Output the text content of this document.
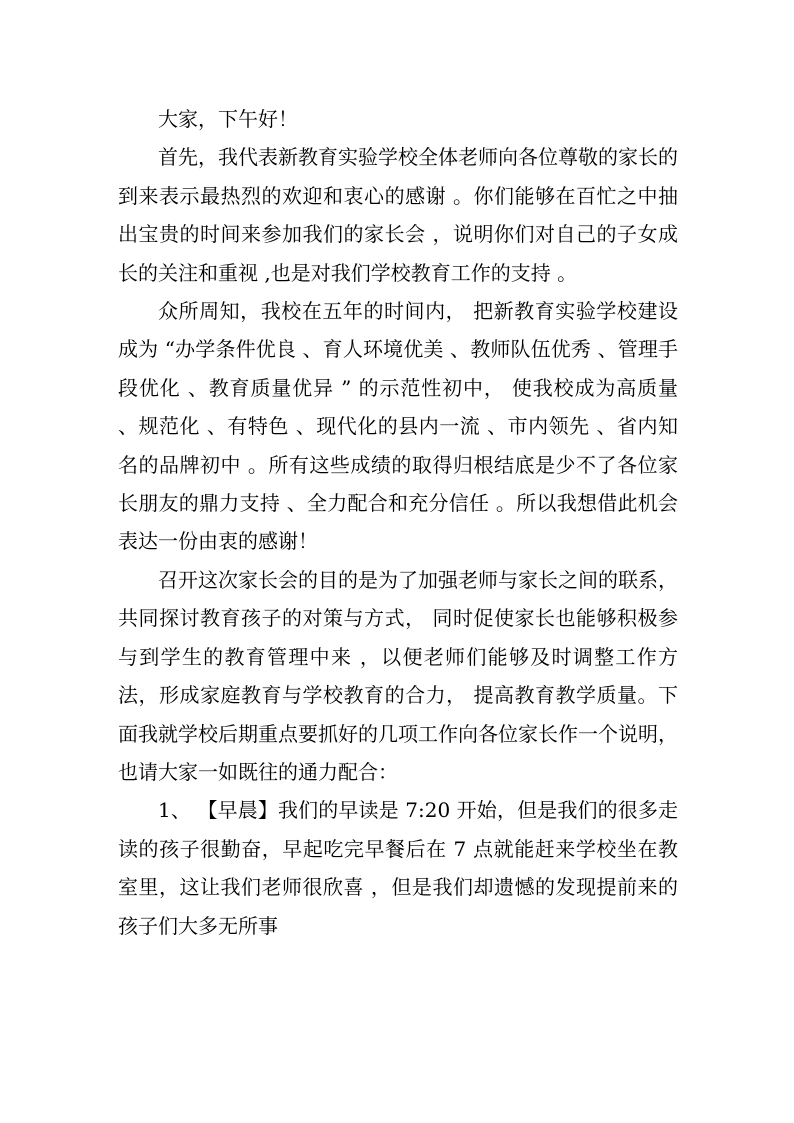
大家，下午好！

首先，我代表新教育实验学校全体老师向各位尊敬的家长的到来表示最热烈的欢迎和衷心的感谢 。你们能够在百忙之中抽出宝贵的时间来参加我们的家长会 ，说明你们对自己的子女成长的关注和重视 ,也是对我们学校教育工作的支持 。

众所周知，我校在五年的时间内， 把新教育实验学校建设成为 “办学条件优良 、育人环境优美 、教师队伍优秀 、管理手段优化 、教育质量优异 ” 的示范性初中， 使我校成为高质量 、规范化 、有特色 、现代化的县内一流 、市内领先 、省内知名的品牌初中 。所有这些成绩的取得归根结底是少不了各位家长朋友的鼎力支持 、全力配合和充分信任 。所以我想借此机会表达一份由衷的感谢！

召开这次家长会的目的是为了加强老师与家长之间的联系，共同探讨教育孩子的对策与方式， 同时促使家长也能够积极参与到学生的教育管理中来 ，以便老师们能够及时调整工作方法，形成家庭教育与学校教育的合力， 提高教育教学质量。下面我就学校后期重点要抓好的几项工作向各位家长作一个说明， 也请大家一如既往的通力配合：

1、 【早晨】我们的早读是 7:20 开始，但是我们的很多走读的孩子很勤奋，早起吃完早餐后在 7 点就能赶来学校坐在教室里，这让我们老师很欣喜 ，但是我们却遗憾的发现提前来的孩子们大多无所事
